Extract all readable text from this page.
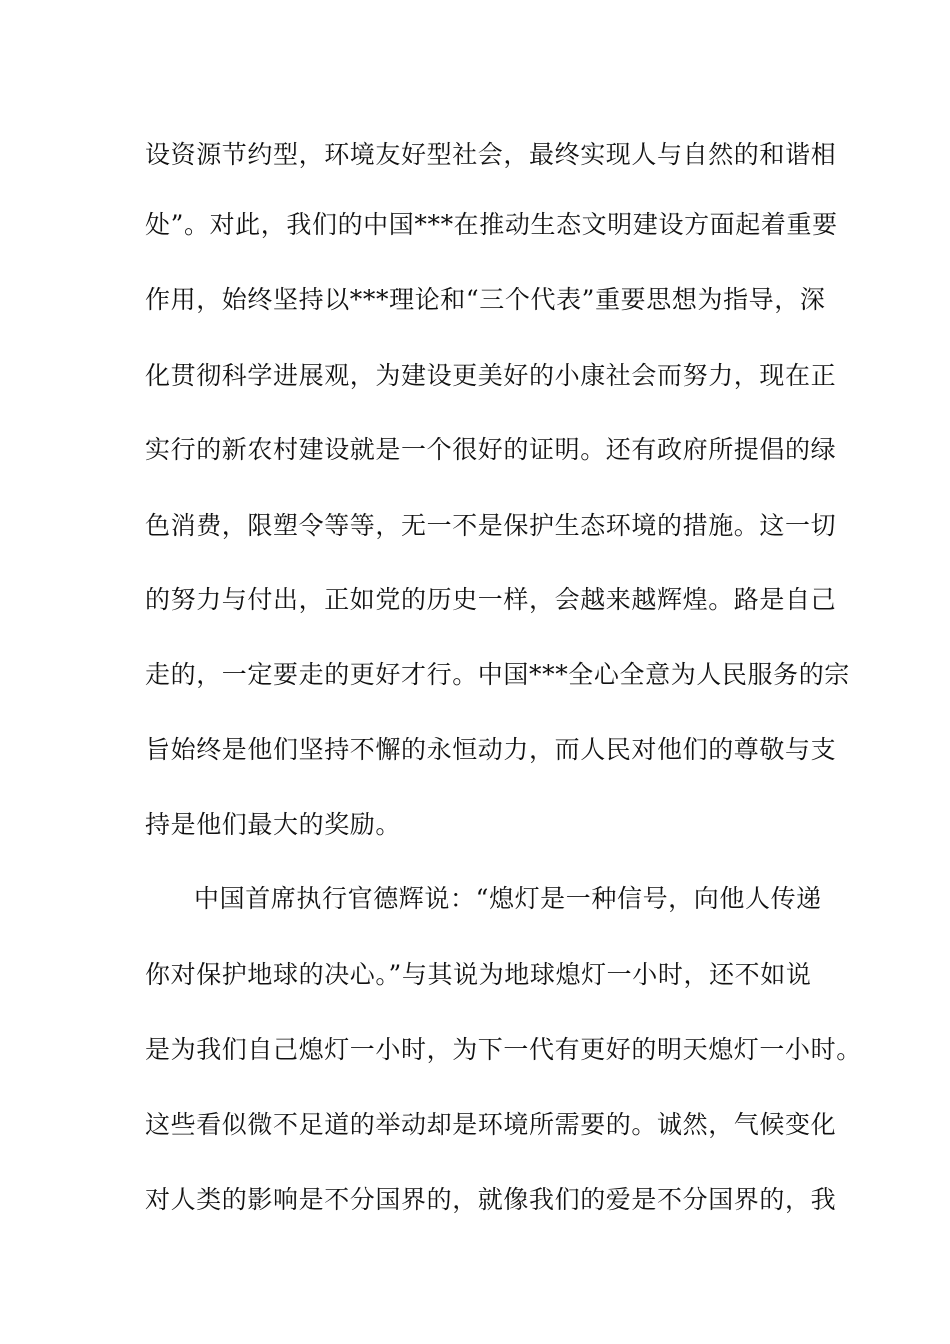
设资源节约型，环境友好型社会，最终实现人与自然的和谐相
处”。对此，我们的中国***在推动生态文明建设方面起着重要
作用，始终坚持以***理论和“三个代表”重要思想为指导，深
化贯彻科学进展观，为建设更美好的小康社会而努力，现在正
实行的新农村建设就是一个很好的证明。还有政府所提倡的绿
色消费，限塑令等等，无一不是保护生态环境的措施。这一切
的努力与付出，正如党的历史一样，会越来越辉煌。路是自己
走的，一定要走的更好才行。中国***全心全意为人民服务的宗
旨始终是他们坚持不懈的永恒动力，而人民对他们的尊敬与支
持是他们最大的奖励。
中国首席执行官德辉说：“熄灯是一种信号，向他人传递
你对保护地球的决心。”与其说为地球熄灯一小时，还不如说
是为我们自己熄灯一小时，为下一代有更好的明天熄灯一小时。
这些看似微不足道的举动却是环境所需要的。诚然，气候变化
对人类的影响是不分国界的，就像我们的爱是不分国界的，我
